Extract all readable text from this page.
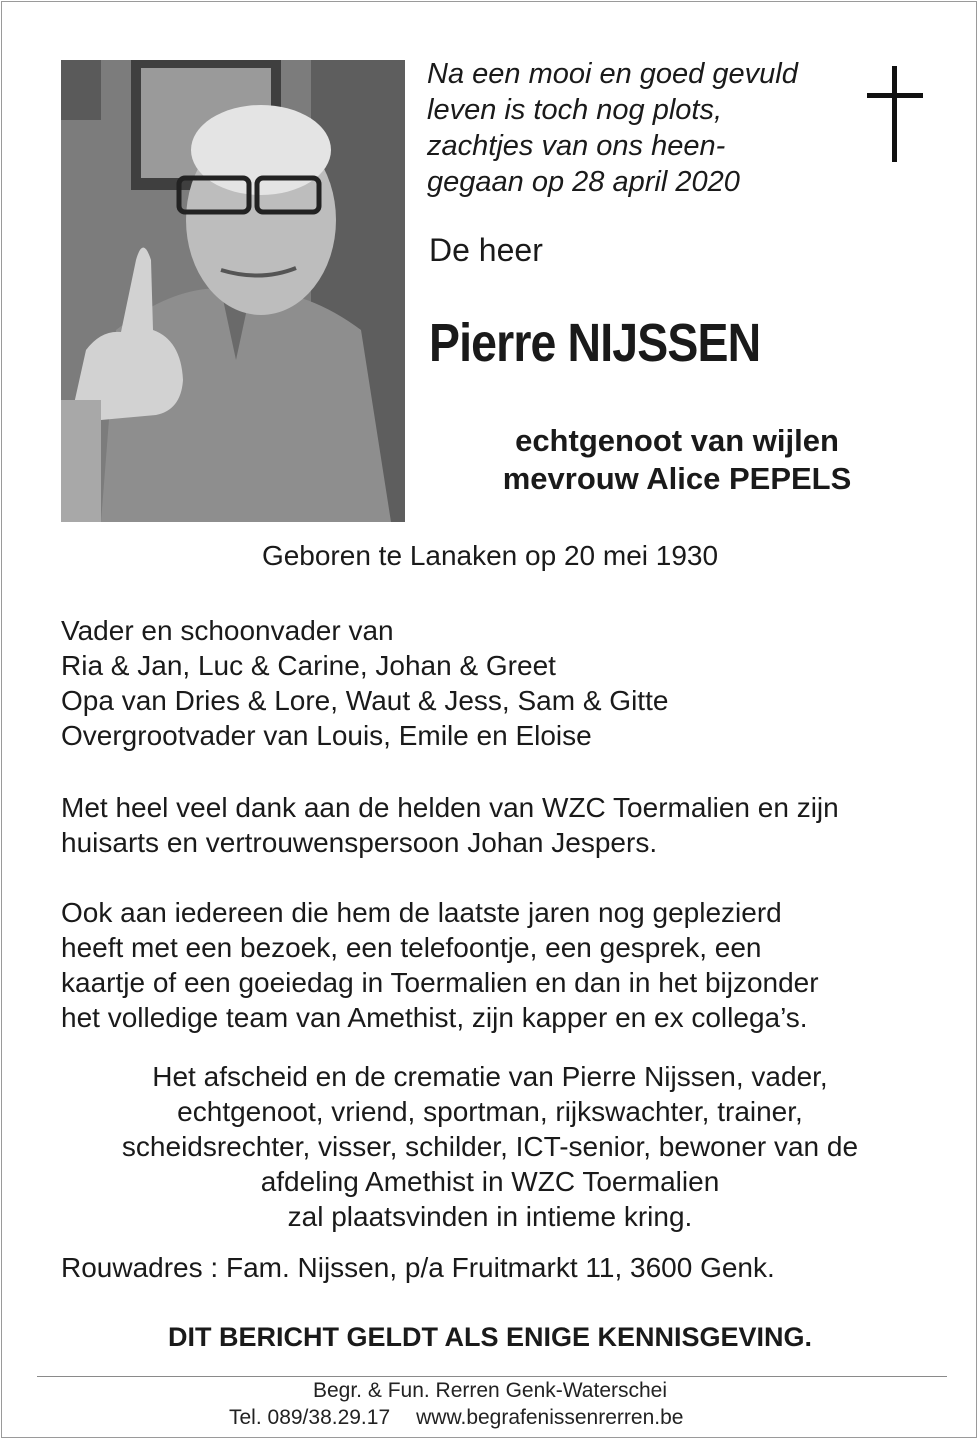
Na een mooi en goed gevuld
leven is toch nog plots,
zachtjes van ons heen-
gegaan op 28 april 2020

De heer

Pierre NIJSSEN

echtgenoot van wijlen
mevrouw Alice PEPELS

Geboren te Lanaken op 20 mei 1930

Vader en schoonvader van
Ria & Jan, Luc & Carine, Johan & Greet
Opa van Dries & Lore, Waut & Jess, Sam & Gitte
Overgrootvader van Louis, Emile en Eloise

Met heel veel dank aan de helden van WZC Toermalien en zijn
huisarts en vertrouwenspersoon Johan Jespers.

Ook aan iedereen die hem de laatste jaren nog geplezierd
heeft met een bezoek, een telefoontje, een gesprek, een
kaartje of een goeiedag in Toermalien en dan in het bijzonder
het volledige team van Amethist, zijn kapper en ex collega’s.

Het afscheid en de crematie van Pierre Nijssen, vader,
echtgenoot, vriend, sportman, rijkswachter, trainer,
scheidsrechter, visser, schilder, ICT-senior, bewoner van de
afdeling Amethist in WZC Toermalien
zal plaatsvinden in intieme kring.

Rouwadres : Fam. Nijssen, p/a Fruitmarkt 11, 3600 Genk.

DIT BERICHT GELDT ALS ENIGE KENNISGEVING.

Begr. & Fun. Rerren Genk-Waterschei

Tel. 089/38.29.17 www.begrafenissenrerren.be
